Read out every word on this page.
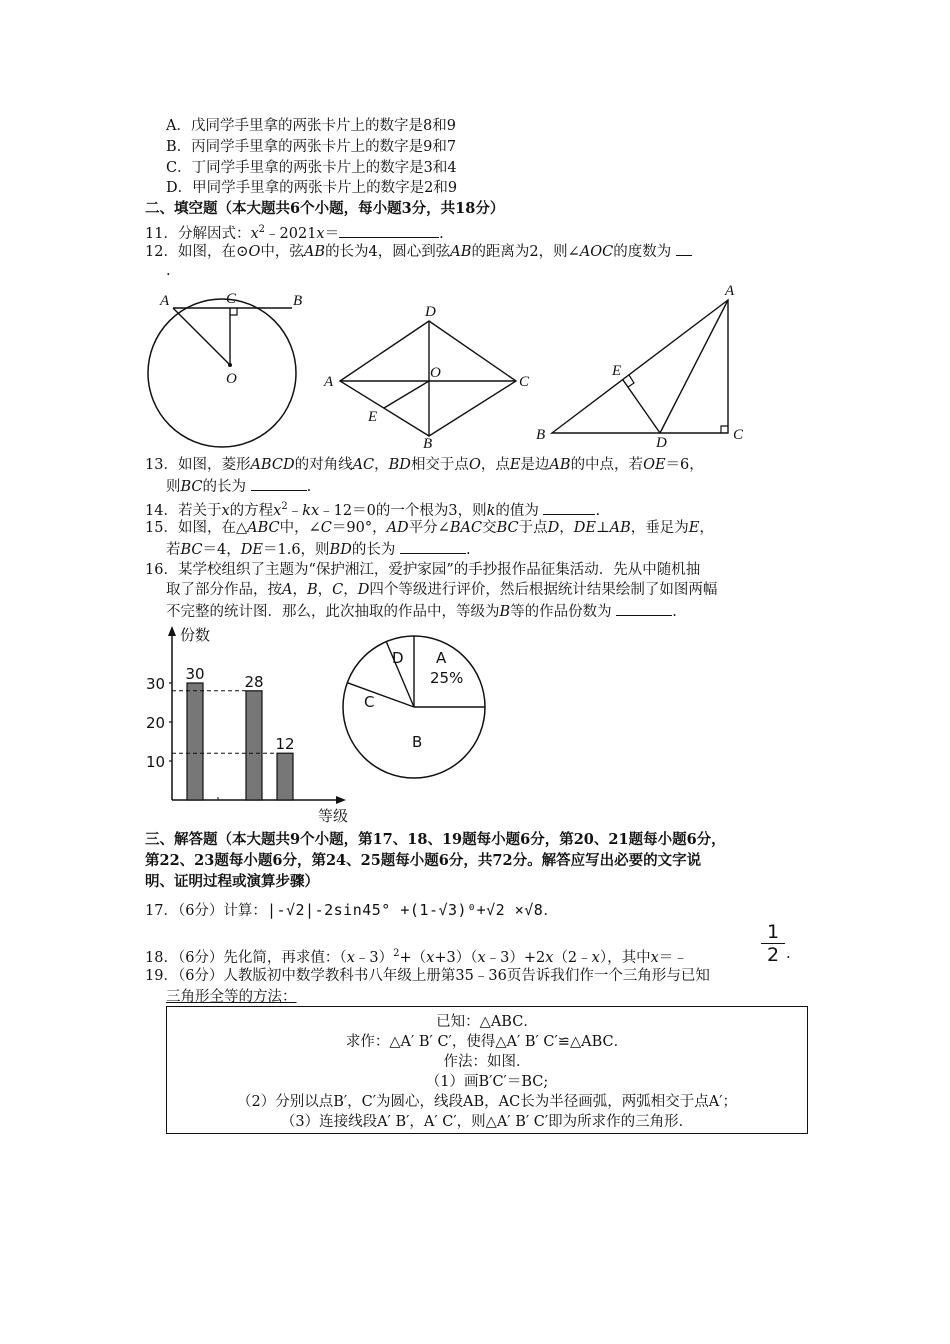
A．戊同学手里拿的两张卡片上的数字是8和9
B．丙同学手里拿的两张卡片上的数字是9和7
C．丁同学手里拿的两张卡片上的数字是3和4
D．甲同学手里拿的两张卡片上的数字是2和9
二、填空题（本大题共6个小题，每小题3分，共18分）
11．分解因式：$x^2﹣2021x=$	.
12．如图，在⊙O中，弦AB的长为4，圆心到弦AB的距离为2，则∠AOC的度数为
.
A	C	B
O
D
A
O
C
E
B
A
E
B	D	C
13．如图，菱形ABCD的对角线AC，BD相交于点O，点E是边AB的中点，若OE＝6，
则BC的长为	.
14．若关于x的方程$x^2﹣kx﹣12=0$的一个根为3，则k的值为	.
15．如图，在△ABC中，∠C＝90°，AD平分∠BAC交BC于点D，DE⊥AB，垂足为E，
若BC＝4，DE＝1.6，则BD的长为	.
16．某学校组织了主题为“保护湘江，爱护家园”的手抄报作品征集活动．先从中随机抽
取了部分作品，按A，B，C，D四个等级进行评价，然后根据统计结果绘制了如图两幅
不完整的统计图．那么，此次抽取的作品中，等级为B等的作品份数为	.
份数
等级
10
20
30
30	28
12
A
25%
B
C
D
三、解答题（本大题共9个小题，第17、18、19题每小题6分，第20、21题每小题6分，
第22、23题每小题6分，第24、25题每小题6分，共72分。解答应写出必要的文字说
明、证明过程或演算步骤）
17．（6分）计算：|-√2|-2sin45° +(1-√3)⁰+√2 ×√8.
18．（6分）先化简，再求值：（x﹣3）$^2$+（x+3）（x﹣3）+2x（2﹣x），其中x＝﹣	$\frac{1}{2}$ .
19．（6分）人教版初中数学教科书八年级上册第35﹣36页告诉我们作一个三角形与已知
三角形全等的方法：
已知：△ABC．
求作：△A′ B′ C′，使得△A′ B′ C′≌△ABC．
作法：如图．
（1）画B′C′＝BC;
（2）分别以点B′，C′为圆心，线段AB，AC长为半径画弧，两弧相交于点A′；
（3）连接线段A′ B′，A′ C′，则△A′ B′ C′即为所求作的三角形．
